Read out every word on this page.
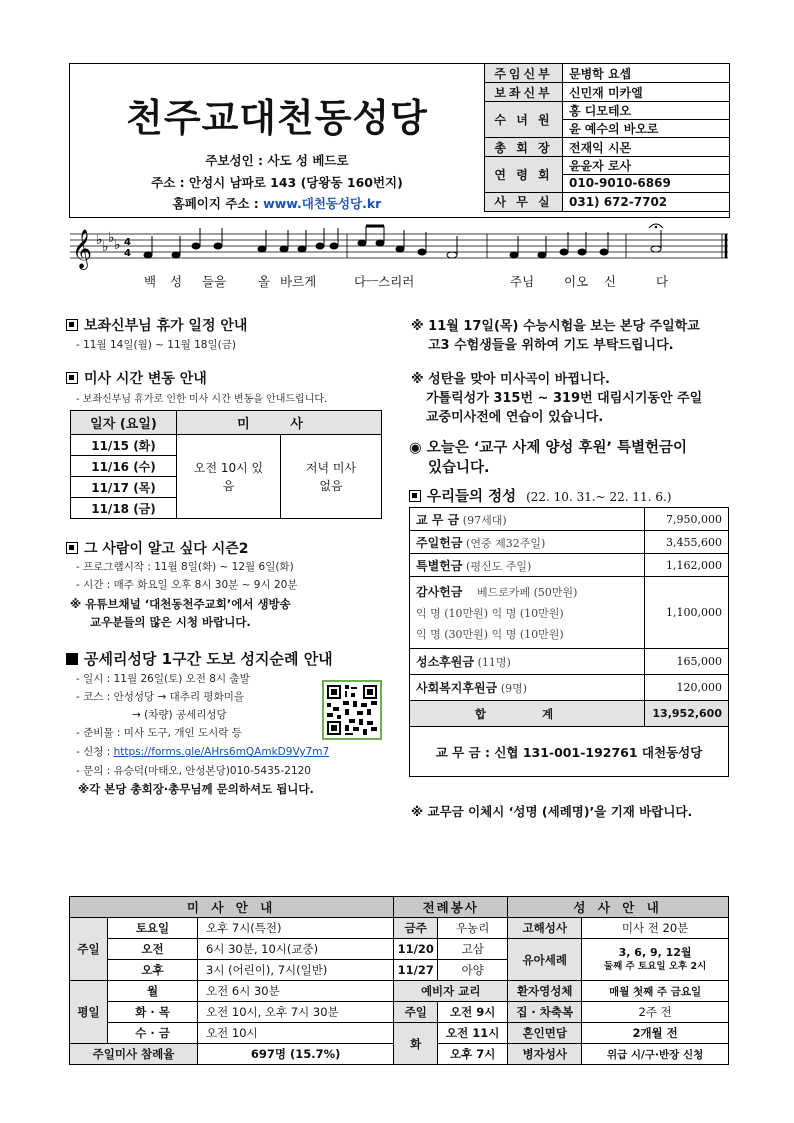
천주교대천동성당
주보성인 : 사도 성 베드로
주소 : 안성시 남파로 143 (당왕동 160번지)
홈페이지 주소 : www.대천동성당.kr
주임신부	문병학 요셉
보좌신부	신민재 미카엘
수 녀 원	홍 디모테오
	윤 예수의 바오로
총 회 장	전재익 시몬
연 령 회	윤윤자 로사
	010-9010-6869
사 무 실	031) 672-7702
𝄞 ♭ ♭
♭ ♭ 4
4
백 성 들을	올 바르게	다ㅡ스리러	주님 이오 신	다
보좌신부님 휴가 일정 안내
- 11월 14일(월) ~ 11월 18일(금)
미사 시간 변동 안내
- 보좌신부님 휴가로 인한 미사 시간 변동을 안내드립니다.
일자 (요일)	미 사	
11/15 (화)	오전 10시 있음	저녁 미사 없음
11/16 (수)		
11/17 (목)		
11/18 (금)		
그 사람이 알고 싶다 시즌2
- 프로그램시작 : 11월 8일(화) ~ 12월 6일(화)
- 시간 : 매주 화요일 오후 8시 30분 ~ 9시 20분
※ 유튜브채널 ‘대천동천주교회’에서 생방송
교우분들의 많은 시청 바랍니다.
공세리성당 1구간 도보 성지순례 안내
- 일시 : 11월 26일(토) 오전 8시 출발
- 코스 : 안성성당 → 대추리 평화미을
→ (차량) 공세리성당
- 준비물 : 미사 도구, 개인 도시락 등
- 신청 : https://forms.gle/AHrs6mQAmkD9Vy7m7
- 문의 : 유승덕(마태오, 안성본당)010-5435-2120
※각 본당 총회장·총무님께 문의하셔도 됩니다.
※ 11월 17일(목) 수능시험을 보는 본당 주일학교
고3 수험생들을 위하여 기도 부탁드립니다.
※ 성탄을 맞아 미사곡이 바뀝니다.
가톨릭성가 315번 ~ 319번 대림시기동안 주일
교중미사전에 연습이 있습니다.
◉ 오늘은 ‘교구 사제 양성 후원’ 특별헌금이
있습니다.
우리들의 정성 (22. 10. 31.~ 22. 11. 6.)
교 무 금 (97세대)	7,950,000
주일헌금 (연중 제32주일)	3,455,600
특별헌금 (평신도 주일)	1,162,000
감사헌금 베드로카페 (50만원)
익 명 (10만원) 익 명 (10만원)
익 명 (30만원) 익 명 (10만원)	1,100,000
성소후원금 (11명)	165,000
사회복지후원금 (9명)	120,000
합 계	13,952,600
교 무 금 : 신협 131-001-192761 대천동성당	
※ 교무금 이체시 ‘성명 (세례명)’을 기재 바랍니다.
미 사 안 내			전례봉사		성 사 안 내	
주일	토요일	오후 7시(특전)	금주	우농리	고해성사	미사 전 20분
	오전	6시 30분, 10시(교중)	11/20	고삼	유아세례	3, 6, 9, 12월
둘째 주 토요일 오후 2시
	오후	3시 (어린이), 7시(일반)	11/27	아양		
평일	월	오전 6시 30분	예비자 교리		환자영성체	매월 첫째 주 금요일
	화 · 목	오전 10시, 오후 7시 30분	주일	오전 9시	집 · 차축복	2주 전
	수 · 금	오전 10시	화	오전 11시	혼인면담	2개월 전
주일미사 참례율		697명 (15.7%)		오후 7시	병자성사	위급 시/구·반장 신청
